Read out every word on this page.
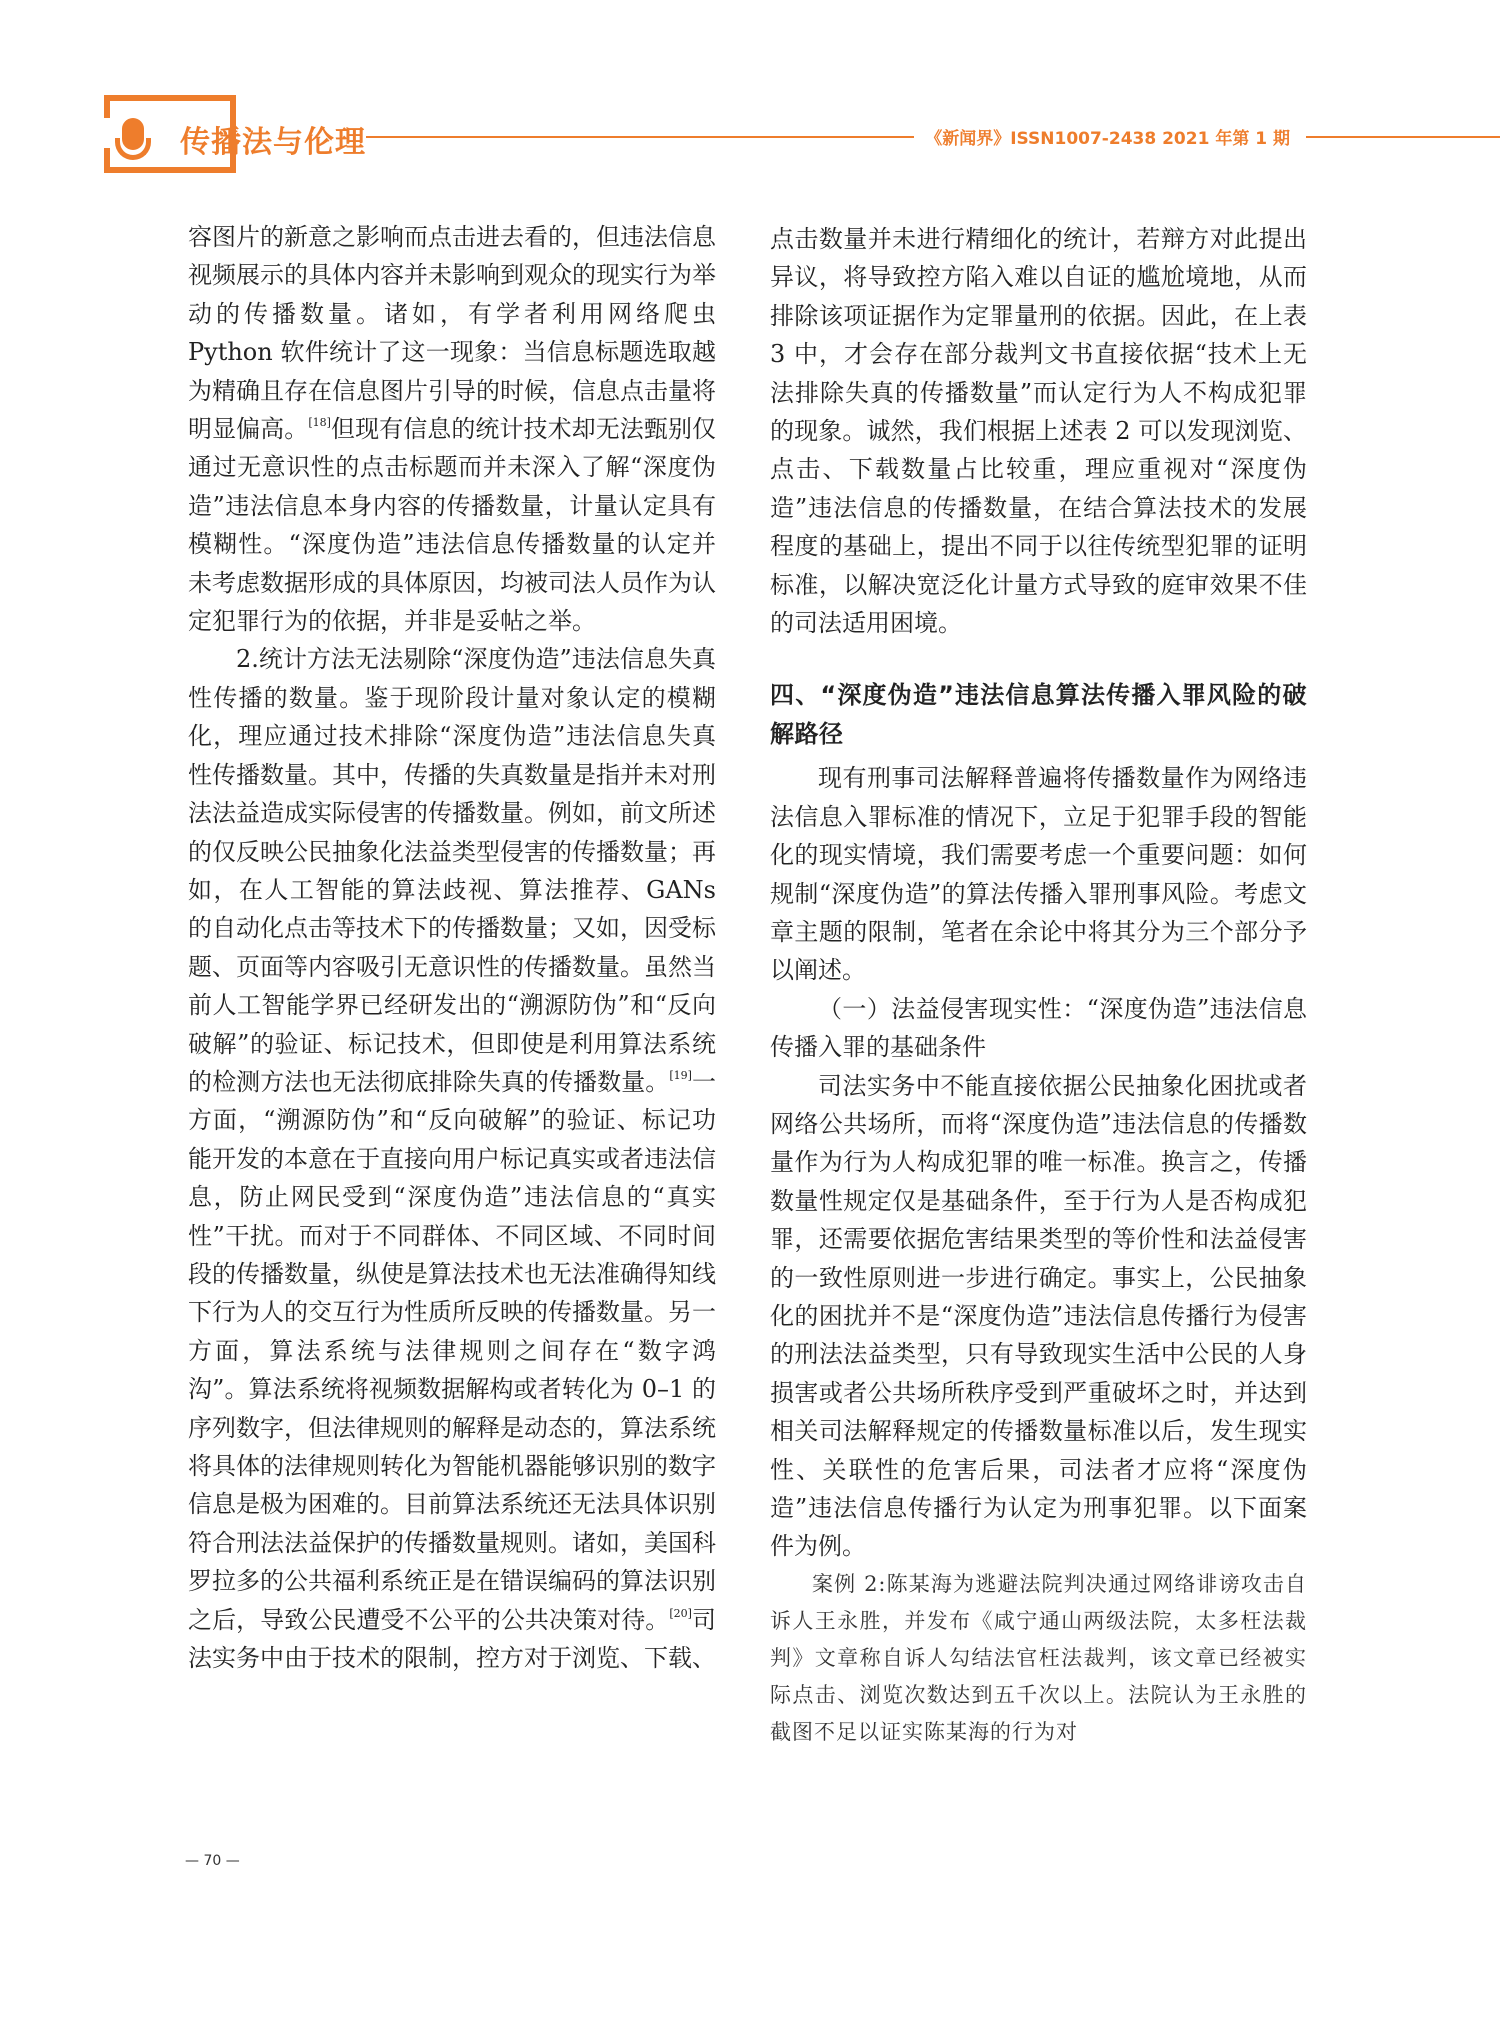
传播法与伦理	《新闻界》ISSN1007-2438 2021 年第 1 期

容图片的新意之影响而点击进去看的，但违法信息视频展示的具体内容并未影响到观众的现实行为举动的传播数量。诸如，有学者利用网络爬虫 Python 软件统计了这一现象：当信息标题选取越为精确且存在信息图片引导的时候，信息点击量将明显偏高。[18]但现有信息的统计技术却无法甄别仅通过无意识性的点击标题而并未深入了解“深度伪造”违法信息本身内容的传播数量，计量认定具有模糊性。“深度伪造”违法信息传播数量的认定并未考虑数据形成的具体原因，均被司法人员作为认定犯罪行为的依据，并非是妥帖之举。

2.统计方法无法剔除“深度伪造”违法信息失真性传播的数量。鉴于现阶段计量对象认定的模糊化，理应通过技术排除“深度伪造”违法信息失真性传播数量。其中，传播的失真数量是指并未对刑法法益造成实际侵害的传播数量。例如，前文所述的仅反映公民抽象化法益类型侵害的传播数量；再如，在人工智能的算法歧视、算法推荐、GANs 的自动化点击等技术下的传播数量；又如，因受标题、页面等内容吸引无意识性的传播数量。虽然当前人工智能学界已经研发出的“溯源防伪”和“反向破解”的验证、标记技术，但即使是利用算法系统的检测方法也无法彻底排除失真的传播数量。[19]一方面，“溯源防伪”和“反向破解”的验证、标记功能开发的本意在于直接向用户标记真实或者违法信息，防止网民受到“深度伪造”违法信息的“真实性”干扰。而对于不同群体、不同区域、不同时间段的传播数量，纵使是算法技术也无法准确得知线下行为人的交互行为性质所反映的传播数量。另一方面，算法系统与法律规则之间存在“数字鸿沟”。算法系统将视频数据解构或者转化为 0–1 的序列数字，但法律规则的解释是动态的，算法系统将具体的法律规则转化为智能机器能够识别的数字信息是极为困难的。目前算法系统还无法具体识别符合刑法法益保护的传播数量规则。诸如，美国科罗拉多的公共福利系统正是在错误编码的算法识别之后，导致公民遭受不公平的公共决策对待。[20]司法实务中由于技术的限制，控方对于浏览、下载、

点击数量并未进行精细化的统计，若辩方对此提出异议，将导致控方陷入难以自证的尴尬境地，从而排除该项证据作为定罪量刑的依据。因此，在上表 3 中，才会存在部分裁判文书直接依据“技术上无法排除失真的传播数量”而认定行为人不构成犯罪的现象。诚然，我们根据上述表 2 可以发现浏览、点击、下载数量占比较重，理应重视对“深度伪造”违法信息的传播数量，在结合算法技术的发展程度的基础上，提出不同于以往传统型犯罪的证明标准，以解决宽泛化计量方式导致的庭审效果不佳的司法适用困境。

四、“深度伪造”违法信息算法传播入罪风险的破解路径

现有刑事司法解释普遍将传播数量作为网络违法信息入罪标准的情况下，立足于犯罪手段的智能化的现实情境，我们需要考虑一个重要问题：如何规制“深度伪造”的算法传播入罪刑事风险。考虑文章主题的限制，笔者在余论中将其分为三个部分予以阐述。

（一）法益侵害现实性：“深度伪造”违法信息传播入罪的基础条件

司法实务中不能直接依据公民抽象化困扰或者网络公共场所，而将“深度伪造”违法信息的传播数量作为行为人构成犯罪的唯一标准。换言之，传播数量性规定仅是基础条件，至于行为人是否构成犯罪，还需要依据危害结果类型的等价性和法益侵害的一致性原则进一步进行确定。事实上，公民抽象化的困扰并不是“深度伪造”违法信息传播行为侵害的刑法法益类型，只有导致现实生活中公民的人身损害或者公共场所秩序受到严重破坏之时，并达到相关司法解释规定的传播数量标准以后，发生现实性、关联性的危害后果，司法者才应将“深度伪造”违法信息传播行为认定为刑事犯罪。以下面案件为例。

案例 2:陈某海为逃避法院判决通过网络诽谤攻击自诉人王永胜，并发布《咸宁通山两级法院，太多枉法裁判》文章称自诉人勾结法官枉法裁判，该文章已经被实际点击、浏览次数达到五千次以上。法院认为王永胜的截图不足以证实陈某海的行为对

— 70 —
